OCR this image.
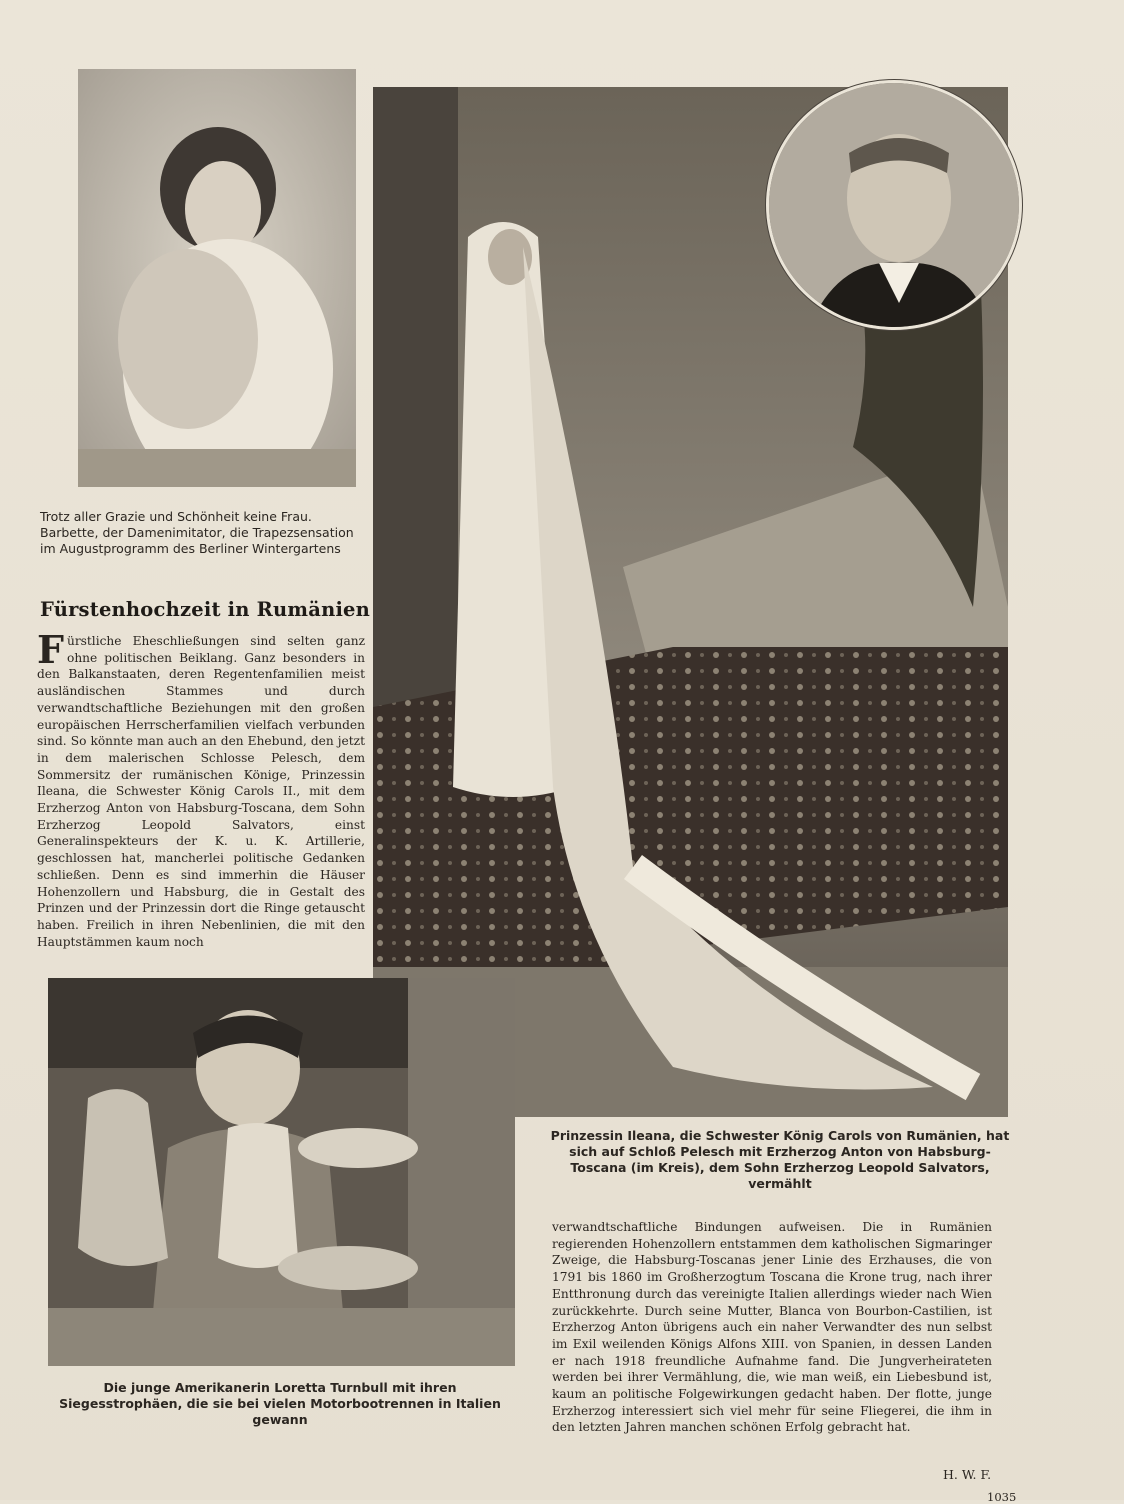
Trotz aller Grazie und Schönheit keine Frau. Barbette, der Damenimitator, die Trapezsensation im Augustprogramm des Berliner Wintergartens
Fürstenhochzeit in Rumänien
Fürstliche Eheschließungen sind selten ganz ohne politischen Beiklang. Ganz besonders in den Balkanstaaten, deren Regentenfamilien meist ausländischen Stammes und durch verwandtschaftliche Beziehungen mit den großen europäischen Herrscherfamilien vielfach verbunden sind. So könnte man auch an den Ehebund, den jetzt in dem malerischen Schlosse Pelesch, dem Sommersitz der rumänischen Könige, Prinzessin Ileana, die Schwester König Carols II., mit dem Erzherzog Anton von Habsburg-Toscana, dem Sohn Erzherzog Leopold Salvators, einst Generalinspekteurs der K. u. K. Artillerie, geschlossen hat, mancherlei politische Gedanken schließen. Denn es sind immerhin die Häuser Hohenzollern und Habsburg, die in Gestalt des Prinzen und der Prinzessin dort die Ringe getauscht haben. Freilich in ihren Nebenlinien, die mit den Hauptstämmen kaum noch
Prinzessin Ileana, die Schwester König Carols von Rumänien, hat sich auf Schloß Pelesch mit Erzherzog Anton von Habsburg-Toscana (im Kreis), dem Sohn Erzherzog Leopold Salvators, vermählt
Die junge Amerikanerin Loretta Turnbull mit ihren Siegesstrophäen, die sie bei vielen Motorbootrennen in Italien gewann
verwandtschaftliche Bindungen aufweisen. Die in Rumänien regierenden Hohenzollern entstammen dem katholischen Sigmaringer Zweige, die Habsburg-Toscanas jener Linie des Erzhauses, die von 1791 bis 1860 im Großherzogtum Toscana die Krone trug, nach ihrer Entthronung durch das vereinigte Italien allerdings wieder nach Wien zurückkehrte. Durch seine Mutter, Blanca von Bourbon-Castilien, ist Erzherzog Anton übrigens auch ein naher Verwandter des nun selbst im Exil weilenden Königs Alfons XIII. von Spanien, in dessen Landen er nach 1918 freundliche Aufnahme fand. Die Jungverheirateten werden bei ihrer Vermählung, die, wie man weiß, ein Liebesbund ist, kaum an politische Folgewirkungen gedacht haben. Der flotte, junge Erzherzog interessiert sich viel mehr für seine Fliegerei, die ihm in den letzten Jahren manchen schönen Erfolg gebracht hat.
H. W. F.
1035
